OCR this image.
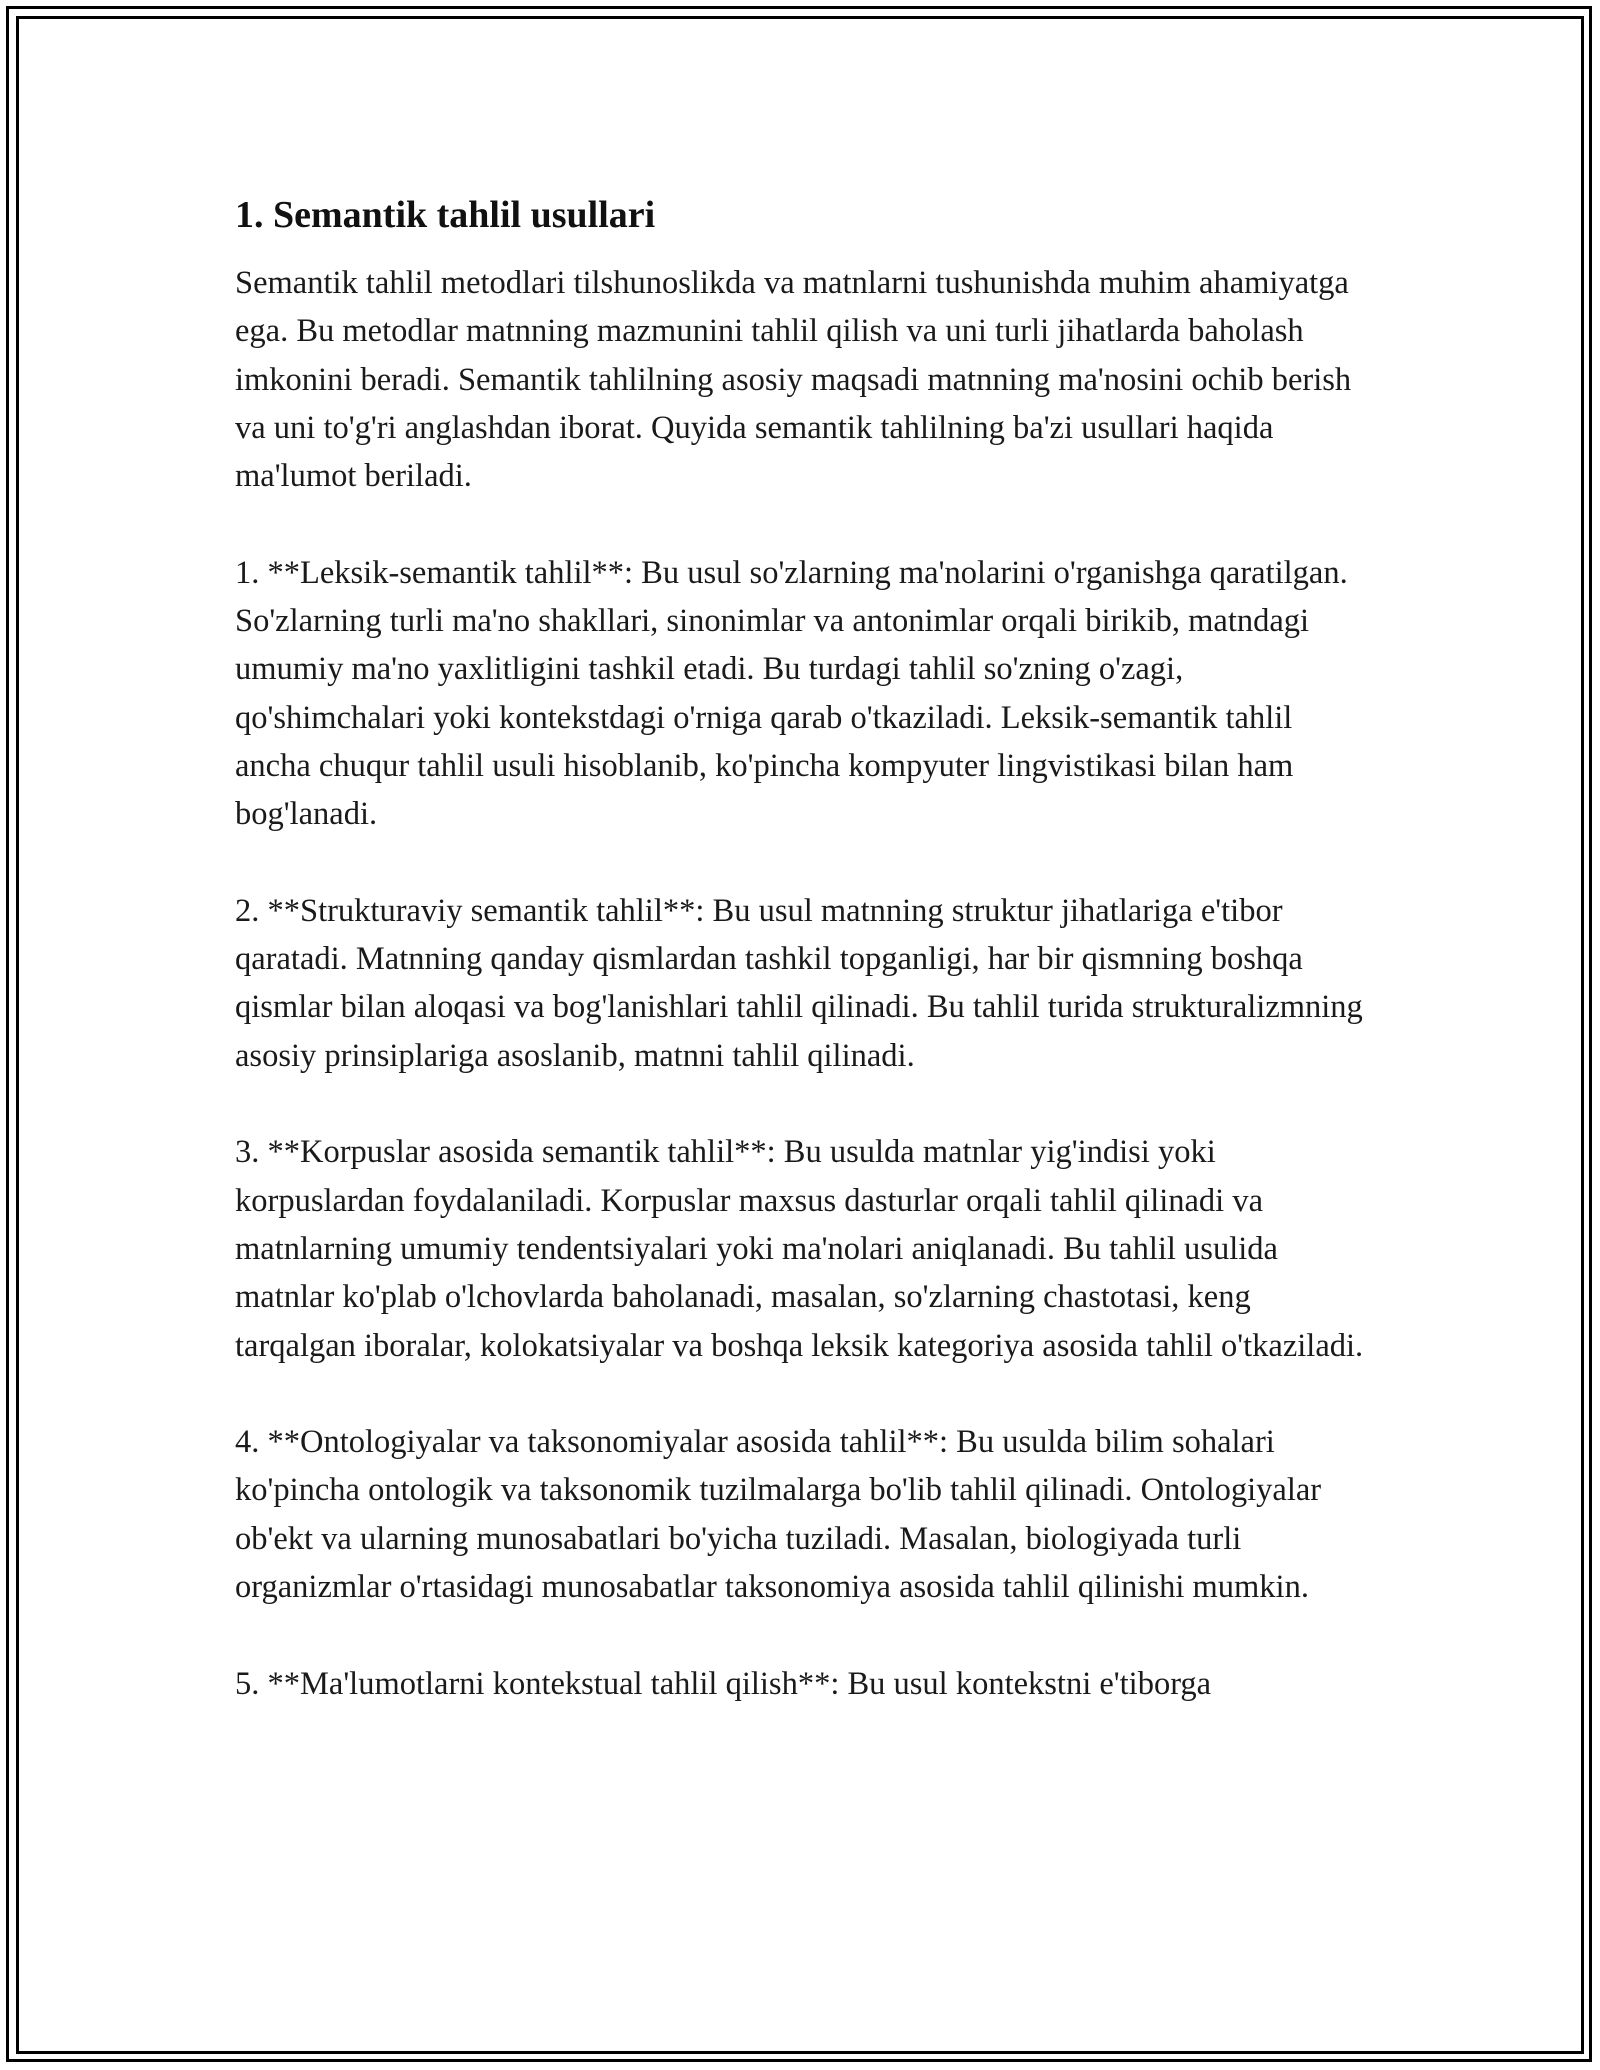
1. Semantik tahlil usullari

Semantik tahlil metodlari tilshunoslikda va matnlarni tushunishda muhim ahamiyatga ega. Bu metodlar matnning mazmunini tahlil qilish va uni turli jihatlarda baholash imkonini beradi. Semantik tahlilning asosiy maqsadi matnning ma'nosini ochib berish va uni to'g'ri anglashdan iborat. Quyida semantik tahlilning ba'zi usullari haqida ma'lumot beriladi.

1. **Leksik-semantik tahlil**: Bu usul so'zlarning ma'nolarini o'rganishga qaratilgan. So'zlarning turli ma'no shakllari, sinonimlar va antonimlar orqali birikib, matndagi umumiy ma'no yaxlitligini tashkil etadi. Bu turdagi tahlil so'zning o'zagi, qo'shimchalari yoki kontekstdagi o'rniga qarab o'tkaziladi. Leksik-semantik tahlil ancha chuqur tahlil usuli hisoblanib, ko'pincha kompyuter lingvistikasi bilan ham bog'lanadi.

2. **Strukturaviy semantik tahlil**: Bu usul matnning struktur jihatlariga e'tibor qaratadi. Matnning qanday qismlardan tashkil topganligi, har bir qismning boshqa qismlar bilan aloqasi va bog'lanishlari tahlil qilinadi. Bu tahlil turida strukturalizmning asosiy prinsiplariga asoslanib, matnni tahlil qilinadi.

3. **Korpuslar asosida semantik tahlil**: Bu usulda matnlar yig'indisi yoki korpuslardan foydalaniladi. Korpuslar maxsus dasturlar orqali tahlil qilinadi va matnlarning umumiy tendentsiyalari yoki ma'nolari aniqlanadi. Bu tahlil usulida matnlar ko'plab o'lchovlarda baholanadi, masalan, so'zlarning chastotasi, keng tarqalgan iboralar, kolokatsiyalar va boshqa leksik kategoriya asosida tahlil o'tkaziladi.

4. **Ontologiyalar va taksonomiyalar asosida tahlil**: Bu usulda bilim sohalari ko'pincha ontologik va taksonomik tuzilmalarga bo'lib tahlil qilinadi. Ontologiyalar ob'ekt va ularning munosabatlari bo'yicha tuziladi. Masalan, biologiyada turli organizmlar o'rtasidagi munosabatlar taksonomiya asosida tahlil qilinishi mumkin.

5. **Ma'lumotlarni kontekstual tahlil qilish**: Bu usul kontekstni e'tiborga
